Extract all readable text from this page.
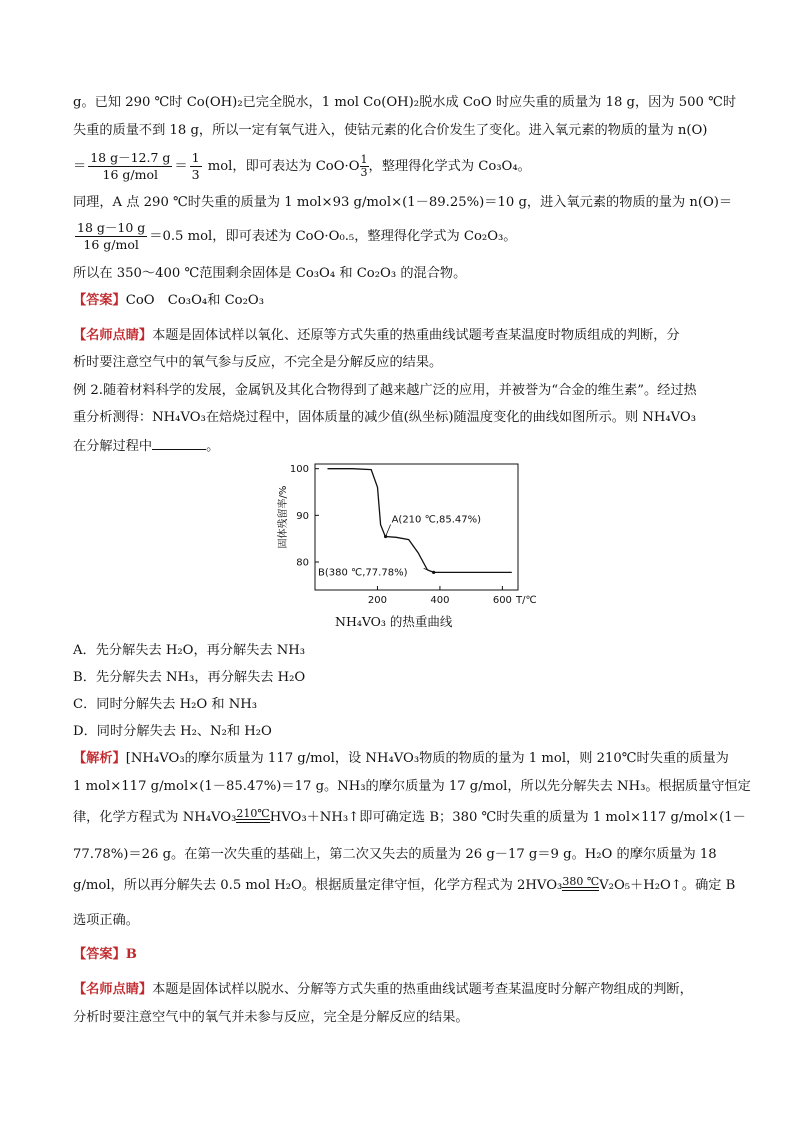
g。已知 290 ℃时 Co(OH)₂已完全脱水，1 mol Co(OH)₂脱水成 CoO 时应失重的质量为 18 g，因为 500 ℃时
失重的质量不到 18 g，所以一定有氧气进入，使钴元素的化合价发生了变化。进入氧元素的物质的量为 n(O)
＝ $\frac{18 g-12.7 g}{\text{16 g/mol}} = \frac{1}{3}$ mol，即可表达为 $CoO\cdot O \frac{1}{3}$ ，整理得化学式为 Co₃O₄。
同理，A 点 290 ℃时失重的质量为 1 mol×93 g/mol×(1－89.25%)＝10 g，进入氧元素的物质的量为 n(O)＝
$\frac{18 g-10 g}{\text{16 g/mol}} =0.5$ mol，即可表述为 CoO·O₀.₅，整理得化学式为 Co₂O₃。
所以在 350～400 ℃范围剩余固体是 Co₃O₄ 和 Co₂O₃ 的混合物。
【答案】CoO　Co₃O₄和 Co₂O₃
【名师点睛】本题是固体试样以氧化、还原等方式失重的热重曲线试题考查某温度时物质组成的判断，分
析时要注意空气中的氧气参与反应，不完全是分解反应的结果。
例 2.随着材料科学的发展，金属钒及其化合物得到了越来越广泛的应用，并被誉为“合金的维生素”。经过热
重分析测得：NH₄VO₃在焙烧过程中，固体质量的减少值(纵坐标)随温度变化的曲线如图所示。则 NH₄VO₃
在分解过程中	。
80
90
100
200	400	600 T/℃
固体残留率/%	A(210 ℃,85.47%)
B(380 ℃,77.78%)
NH₄VO₃ 的热重曲线
A．先分解失去 H₂O，再分解失去 NH₃
B．先分解失去 NH₃，再分解失去 H₂O
C．同时分解失去 H₂O 和 NH₃
D．同时分解失去 H₂、N₂和 H₂O
【解析】[NH₄VO₃的摩尔质量为 117 g/mol，设 NH₄VO₃物质的物质的量为 1 mol，则 210℃时失重的质量为
1 mol×117 g/mol×(1－85.47%)＝17 g。NH₃的摩尔质量为 17 g/mol，所以先分解失去 NH₃。根据质量守恒定
律，化学方程式为 NH₄VO₃ 210℃ HVO₃＋NH₃↑即可确定选 B；380 ℃时失重的质量为 1 mol×117 g/mol×(1－
77.78%)＝26 g。在第一次失重的基础上，第二次又失去的质量为 26 g－17 g＝9 g。H₂O 的摩尔质量为 18
g/mol，所以再分解失去 0.5 mol H₂O。根据质量定律守恒，化学方程式为 2HVO₃ 380 ℃ V₂O₅＋H₂O↑。确定 B
选项正确。
【答案】B
【名师点睛】本题是固体试样以脱水、分解等方式失重的热重曲线试题考查某温度时分解产物组成的判断，
分析时要注意空气中的氧气并未参与反应，完全是分解反应的结果。
